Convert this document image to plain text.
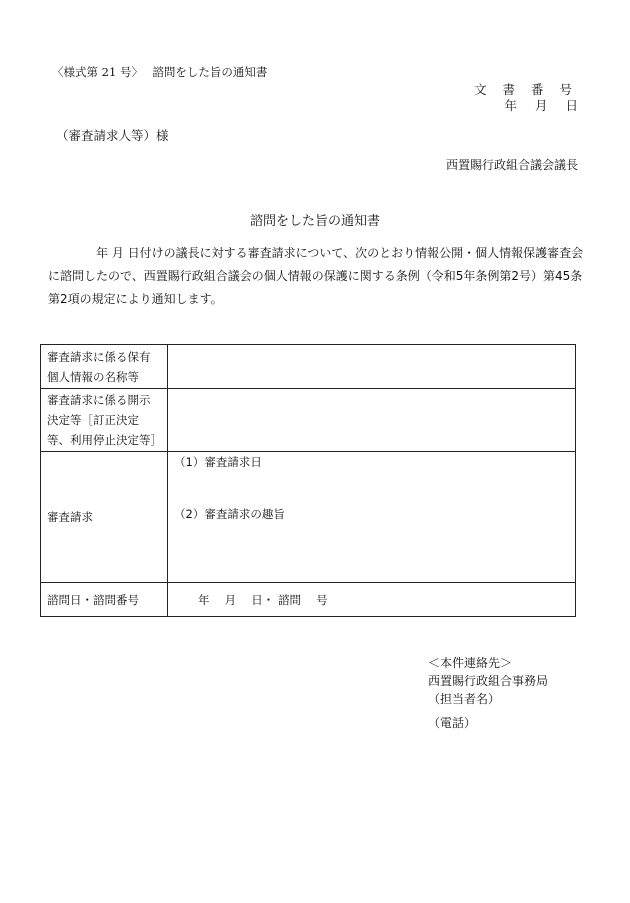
〈様式第 21 号〉　 諮問をした旨の通知書
文 書 番 号
年 月 日
（審査請求人等）様
西置賜行政組合議会議長
諮問をした旨の通知書
年 月 日付けの議長に対する審査請求について、次のとおり情報公開・個人情報保護審査会に諮問したので、西置賜行政組合議会の個人情報の保護に関する条例（令和5年条例第2号）第45条第2項の規定により通知します。
審査請求に係る保有個人情報の名称等	
審査請求に係る開示決定等［訂正決定等、利用停止決定等］	
審査請求	（1）審査請求日
（2）審査請求の趣旨

諮問日・諮問番号	年　 月　 日・ 諮問　 号
＜本件連絡先＞
西置賜行政組合事務局
（担当者名）
（電話）
